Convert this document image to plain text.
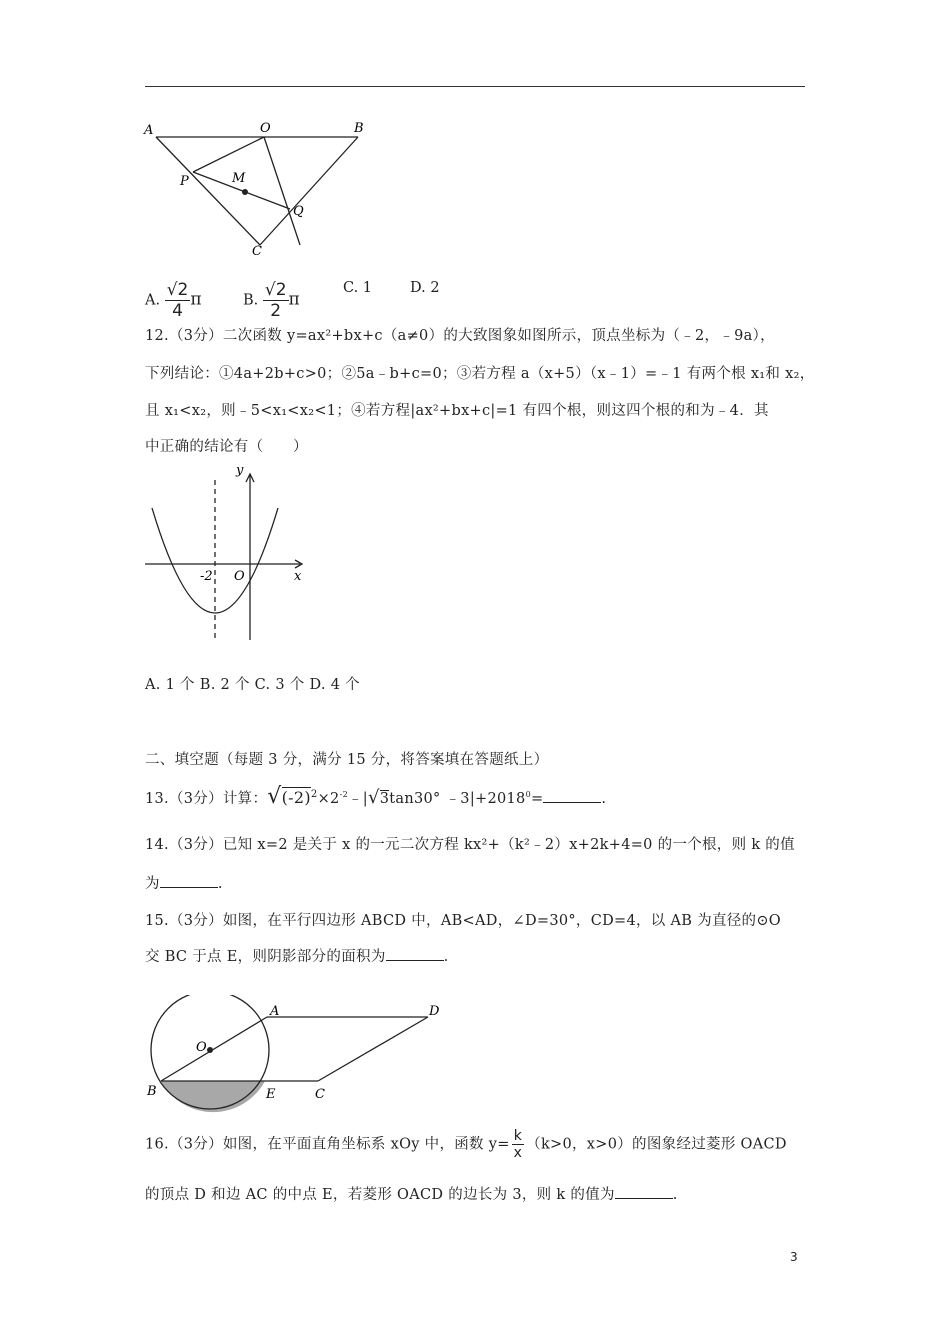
A	O	B
P	M
Q
C
A. $\frac{√2}{4}$ π	B. $\frac{√2}{2}$ π
C. 1	D. 2
12.（3分）二次函数 y=ax²+bx+c（a≠0）的大致图象如图所示，顶点坐标为（﹣2，﹣9a），
下列结论：①4a+2b+c>0；②5a﹣b+c=0；③若方程 a（x+5）（x﹣1）=﹣1 有两个根 x₁和 x₂，
且 x₁<x₂，则﹣5<x₁<x₂<1；④若方程|ax²+bx+c|=1 有四个根，则这四个根的和为﹣4．其
中正确的结论有（　　）
y
x
O
-2
A. 1 个 B. 2 个 C. 3 个 D. 4 个
二、填空题（每题 3 分，满分 15 分，将答案填在答题纸上）
13.（3分）计算：$√(-2)^2\times 2^{-2}﹣|√3\tan 30^\circ$ $﹣3|+2018^0=$	.
14.（3分）已知 x=2 是关于 x 的一元二次方程 kx²+（k²﹣2）x+2k+4=0 的一个根，则 k 的值
为	.
15.（3分）如图，在平行四边形 ABCD 中，AB<AD，∠D=30°，CD=4，以 AB 为直径的⊙O
交 BC 于点 E，则阴影部分的面积为	.
A	D
O
B	E	C
16.（3分）如图，在平面直角坐标系 xOy 中，函数 $y= \frac{k}{x} (k>0$，x>0）的图象经过菱形 OACD
的顶点 D 和边 AC 的中点 E，若菱形 OACD 的边长为 3，则 k 的值为	.
3
